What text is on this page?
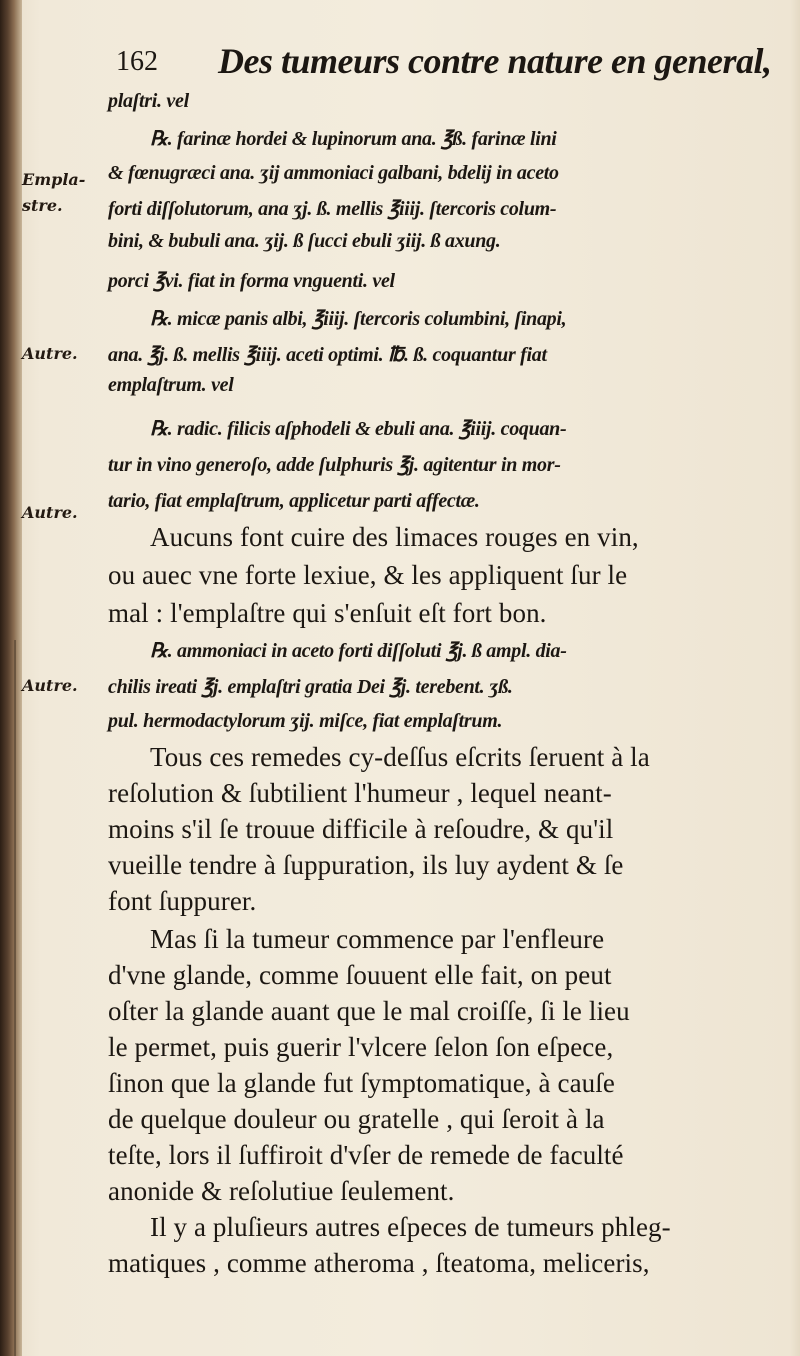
162 Des tumeurs contre nature en general,
Empla-
stre.
Autre.
Autre.
Autre.
plaſtri. vel
℞. farinæ hordei & lupinorum ana. ℥ß. farinæ lini
& fœnugræci ana. ʒij ammoniaci galbani, bdelij in aceto
forti diſſolutorum, ana ʒj. ß. mellis ℥iiij. ſtercoris colum-
bini, & bubuli ana. ʒij. ß ſucci ebuli ʒiij. ß axung.
porci ℥vi. fiat in forma vnguenti. vel
℞. micæ panis albi, ℥iiij. ſtercoris columbini, ſinapi,
ana. ℥j. ß. mellis ℥iiij. aceti optimi. ℔. ß. coquantur fiat
emplaſtrum. vel
℞. radic. filicis aſphodeli & ebuli ana. ℥iiij. coquan-
tur in vino generoſo, adde ſulphuris ℥j. agitentur in mor-
tario, fiat emplaſtrum, applicetur parti affectæ.
Aucuns font cuire des limaces rouges en vin,
ou auec vne forte lexiue, & les appliquent ſur le
mal : l'emplaſtre qui s'enſuit eſt fort bon.
℞. ammoniaci in aceto forti diſſoluti ℥j. ß ampl. dia-
chilis ireati ℥j. emplaſtri gratia Dei ℥j. terebent. ʒß.
pul. hermodactylorum ʒij. miſce, fiat emplaſtrum.
Tous ces remedes cy-deſſus eſcrits ſeruent à la
reſolution & ſubtilient l'humeur , lequel neant-
moins s'il ſe trouue difficile à reſoudre, & qu'il
vueille tendre à ſuppuration, ils luy aydent & ſe
font ſuppurer.
Mas ſi la tumeur commence par l'enfleure
d'vne glande, comme ſouuent elle fait, on peut
oſter la glande auant que le mal croiſſe, ſi le lieu
le permet, puis guerir l'vlcere ſelon ſon eſpece,
ſinon que la glande fut ſymptomatique, à cauſe
de quelque douleur ou gratelle , qui ſeroit à la
teſte, lors il ſuffiroit d'vſer de remede de faculté
anonide & reſolutiue ſeulement.
Il y a pluſieurs autres eſpeces de tumeurs phleg-
matiques , comme atheroma , ſteatoma, meliceris,
